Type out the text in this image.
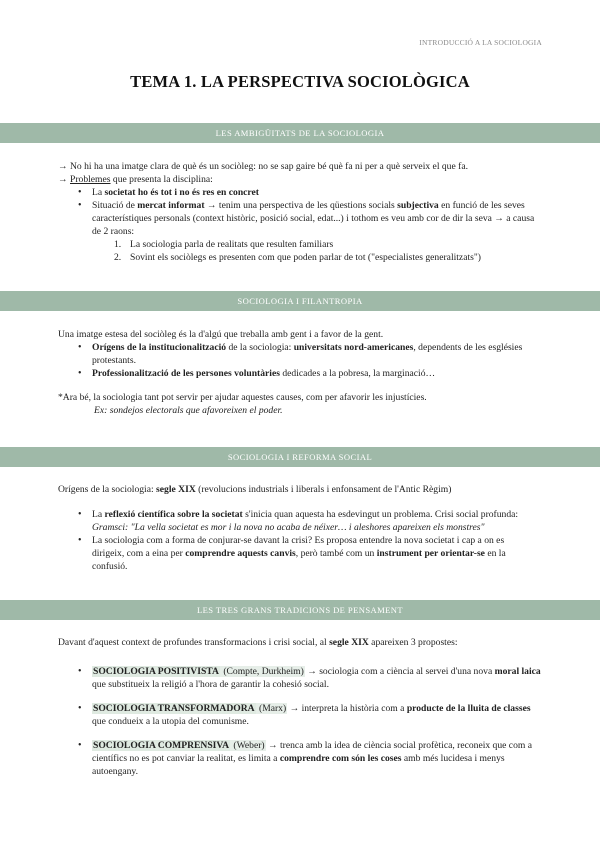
INTRODUCCIÓ A LA SOCIOLOGIA
TEMA 1. LA PERSPECTIVA SOCIOLÒGICA
LES AMBIGÜITATS DE LA SOCIOLOGIA
→ No hi ha una imatge clara de què és un sociòleg: no se sap gaire bé què fa ni per a què serveix el que fa.
→ Problemes que presenta la disciplina:
• La societat ho és tot i no és res en concret
• Situació de mercat informat → tenim una perspectiva de les qüestions socials subjectiva en funció de les seves
característiques personals (context històric, posició social, edat...) i tothom es veu amb cor de dir la seva → a causa
de 2 raons:
1. La sociologia parla de realitats que resulten familiars
2. Sovint els sociòlegs es presenten com que poden parlar de tot ("especialistes generalitzats")
SOCIOLOGIA I FILANTROPIA
Una imatge estesa del sociòleg és la d'algú que treballa amb gent i a favor de la gent.
• Orígens de la institucionalització de la sociologia: universitats nord-americanes, dependents de les esglésies
protestants.
• Professionalització de les persones voluntàries dedicades a la pobresa, la marginació…
*Ara bé, la sociologia tant pot servir per ajudar aquestes causes, com per afavorir les injustícies.
Ex: sondejos electorals que afavoreixen el poder.
SOCIOLOGIA I REFORMA SOCIAL
Orígens de la sociologia: segle XIX (revolucions industrials i liberals i enfonsament de l'Antic Règim)
• La reflexió científica sobre la societat s'inicia quan aquesta ha esdevingut un problema. Crisi social profunda:
Gramsci: "La vella societat es mor i la nova no acaba de néixer… i alesh​ores apareixen els monstres"
• La sociologia com a forma de conjurar-se davant la crisi? Es proposa entendre la nova societat i cap a on es
dirigeix, com a eina per comprendre aquests canvis, però també com un instrument per orientar-se en la
confusió.
LES TRES GRANS TRADICIONS DE PENSAMENT
Davant d'aquest context de profundes transformacions i crisi social, al segle XIX apareixen 3 propostes:
• SOCIOLOGIA POSITIVISTA (Compte, Durkheim) → sociologia com a ciència al servei d'una nova moral laica
que substitueix la religió a l'hora de garantir la cohesió social.
• SOCIOLOGIA TRANSFORMADORA (Marx) → interpreta la història com a producte de la lluita de classes
que condueix a la utopia del comunisme.
• SOCIOLOGIA COMPRENSIVA (Weber) → trenca amb la idea de ciència social profètica, reconeix que com a
científics no es pot canviar la realitat, es limita a comprendre com són les coses amb més lucidesa i menys
autoengany.
